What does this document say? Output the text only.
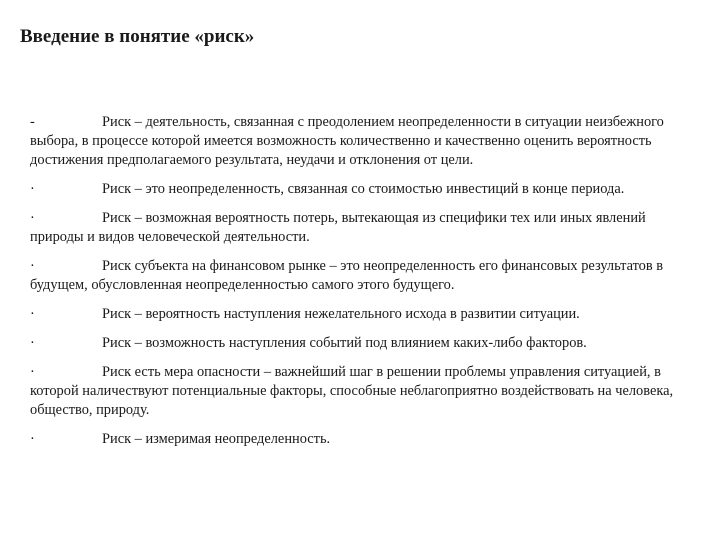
Введение в понятие «риск»
-	Риск – деятельность, связанная с преодолением неопределенности в ситуации неизбежного выбора, в процессе которой имеется возможность количественно и качественно оценить вероятность достижения предполагаемого результата, неудачи и отклонения от цели.
·	Риск – это неопределенность, связанная со стоимостью инвестиций в конце периода.
·	Риск – возможная вероятность потерь, вытекающая из специфики тех или иных явлений природы и видов человеческой деятельности.
·	Риск субъекта на финансовом рынке – это неопределенность его финансовых результатов в будущем, обусловленная неопределенностью самого этого будущего.
·	Риск – вероятность наступления нежелательного исхода в развитии ситуации.
·	Риск – возможность наступления событий под влиянием каких-либо факторов.
·	Риск есть мера опасности – важнейший шаг в решении проблемы управления ситуацией, в которой наличествуют потенциальные факторы, способные неблагоприятно воздействовать на человека, общество, природу.
·	Риск – измеримая неопределенность.
